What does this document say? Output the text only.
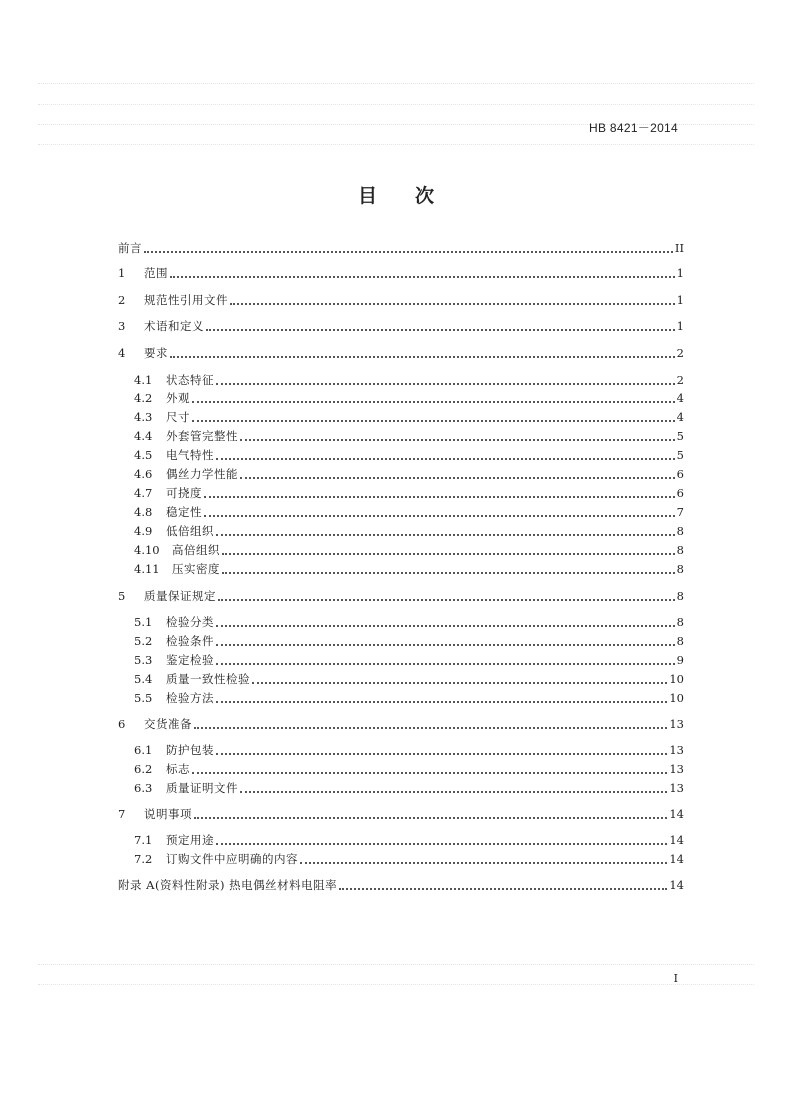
HB 8421－2014
目次
前言	II
1	范围	1
2	规范性引用文件	1
3	术语和定义	1
4	要求	2
4.1	状态特征	2
4.2	外观	4
4.3	尺寸	4
4.4	外套管完整性	5
4.5	电气特性	5
4.6	偶丝力学性能	6
4.7	可挠度	6
4.8	稳定性	7
4.9	低倍组织	8
4.10	高倍组织	8
4.11	压实密度	8
5	质量保证规定	8
5.1	检验分类	8
5.2	检验条件	8
5.3	鉴定检验	9
5.4	质量一致性检验	10
5.5	检验方法	10
6	交货准备	13
6.1	防护包装	13
6.2	标志	13
6.3	质量证明文件	13
7	说明事项	14
7.1	预定用途	14
7.2	订购文件中应明确的内容	14
附录 A(资料性附录) 热电偶丝材料电阻率	14
I
